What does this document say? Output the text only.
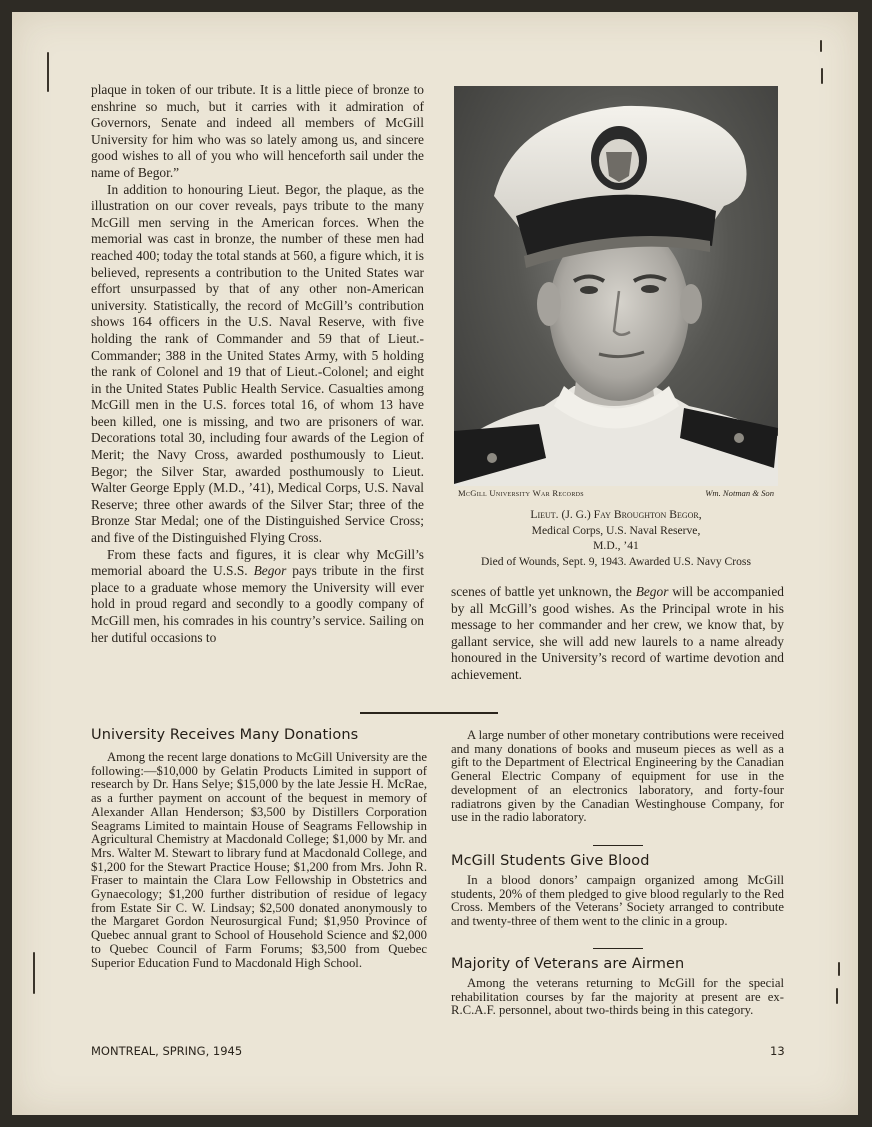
plaque in token of our tribute. It is a little piece of bronze to enshrine so much, but it carries with it admiration of Governors, Senate and indeed all members of McGill University for him who was so lately among us, and sincere good wishes to all of you who will henceforth sail under the name of Begor.”

In addition to honouring Lieut. Begor, the plaque, as the illustration on our cover reveals, pays tribute to the many McGill men serving in the American forces. When the memorial was cast in bronze, the number of these men had reached 400; today the total stands at 560, a figure which, it is believed, represents a contribution to the United States war effort unsurpassed by that of any other non-American university. Statistically, the record of McGill’s contribution shows 164 officers in the U.S. Naval Reserve, with five holding the rank of Commander and 59 that of Lieut.-Commander; 388 in the United States Army, with 5 holding the rank of Colonel and 19 that of Lieut.-Colonel; and eight in the United States Public Health Service. Casualties among McGill men in the U.S. forces total 16, of whom 13 have been killed, one is missing, and two are prisoners of war. Decorations total 30, including four awards of the Legion of Merit; the Navy Cross, awarded posthumously to Lieut. Begor; the Silver Star, awarded posthumously to Lieut. Walter George Epply (M.D., ’41), Medical Corps, U.S. Naval Reserve; three other awards of the Silver Star; three of the Bronze Star Medal; one of the Distinguished Service Cross; and five of the Distinguished Flying Cross.

From these facts and figures, it is clear why McGill’s memorial aboard the U.S.S. Begor pays tribute in the first place to a graduate whose memory the University will ever hold in proud regard and secondly to a goodly company of McGill men, his comrades in his country’s service. Sailing on her dutiful occasions to

McGill University War Records	Wm. Notman & Son
Lieut. (J. G.) Fay Broughton Begor,
Medical Corps, U.S. Naval Reserve,
M.D., ’41
Died of Wounds, Sept. 9, 1943. Awarded U.S. Navy Cross

scenes of battle yet unknown, the Begor will be accompanied by all McGill’s good wishes. As the Principal wrote in his message to her commander and her crew, we know that, by gallant service, she will add new laurels to a name already honoured in the University’s record of wartime devotion and achievement.

University Receives Many Donations

Among the recent large donations to McGill University are the following:—$10,000 by Gelatin Products Limited in support of research by Dr. Hans Selye; $15,000 by the late Jessie H. McRae, as a further payment on account of the bequest in memory of Alexander Allan Henderson; $3,500 by Distillers Corporation Seagrams Limited to maintain House of Seagrams Fellowship in Agricultural Chemistry at Macdonald College; $1,000 by Mr. and Mrs. Walter M. Stewart to library fund at Macdonald College, and $1,200 for the Stewart Practice House; $1,200 from Mrs. John R. Fraser to maintain the Clara Low Fellowship in Obstetrics and Gynaecology; $1,200 further distribution of residue of legacy from Estate Sir C. W. Lindsay; $2,500 donated anonymously to the Margaret Gordon Neurosurgical Fund; $1,950 Province of Quebec annual grant to School of Household Science and $2,000 to Quebec Council of Farm Forums; $3,500 from Quebec Superior Education Fund to Macdonald High School.

A large number of other monetary contributions were received and many donations of books and museum pieces as well as a gift to the Department of Electrical Engineering by the Canadian General Electric Company of equipment for use in the development of an electronics laboratory, and forty-four radiatrons given by the Canadian Westinghouse Company, for use in the radio laboratory.

McGill Students Give Blood

In a blood donors’ campaign organized among McGill students, 20% of them pledged to give blood regularly to the Red Cross. Members of the Veterans’ Society arranged to contribute and twenty-three of them went to the clinic in a group.

Majority of Veterans are Airmen

Among the veterans returning to McGill for the special rehabilitation courses by far the majority at present are ex-R.C.A.F. personnel, about two-thirds being in this category.

MONTREAL, SPRING, 1945	13
